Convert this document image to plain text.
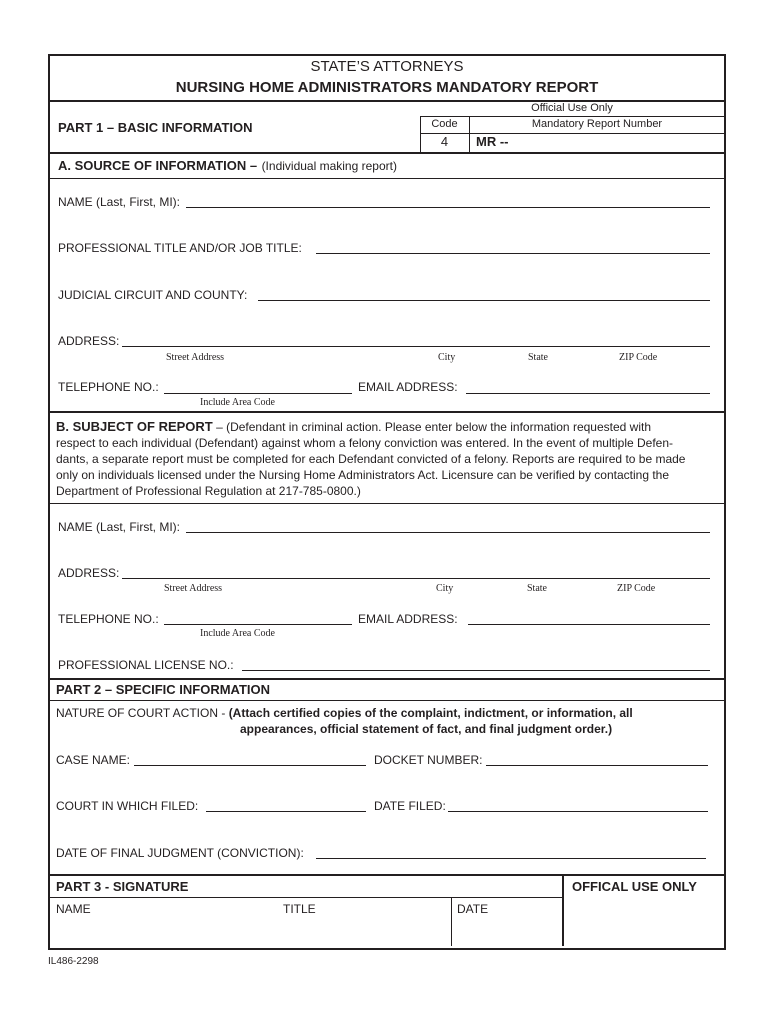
STATE’S ATTORNEYS
NURSING HOME ADMINISTRATORS MANDATORY REPORT
PART 1 – BASIC INFORMATION
Official Use Only
Code	Mandatory Report Number
4	MR --
A. SOURCE OF INFORMATION – (Individual making report)
NAME (Last, First, MI):
PROFESSIONAL TITLE AND/OR JOB TITLE:
JUDICIAL CIRCUIT AND COUNTY:
ADDRESS:
Street Address	City	State	ZIP Code
TELEPHONE NO.:
Include Area Code
EMAIL ADDRESS:
B. SUBJECT OF REPORT – (Defendant in criminal action. Please enter below the information requested with
respect to each individual (Defendant) against whom a felony conviction was entered. In the event of multiple Defen-
dants, a separate report must be completed for each Defendant convicted of a felony. Reports are required to be made
only on individuals licensed under the Nursing Home Administrators Act. Licensure can be verified by contacting the
Department of Professional Regulation at 217-785-0800.)
NAME (Last, First, MI):
ADDRESS:
Street Address	City	State	ZIP Code
TELEPHONE NO.:
Include Area Code
EMAIL ADDRESS:
PROFESSIONAL LICENSE NO.:
PART 2 – SPECIFIC INFORMATION
NATURE OF COURT ACTION - (Attach certified copies of the complaint, indictment, or information, all
appearances, official statement of fact, and final judgment order.)
CASE NAME:	DOCKET NUMBER:
COURT IN WHICH FILED:	DATE FILED:
DATE OF FINAL JUDGMENT (CONVICTION):
PART 3 - SIGNATURE	OFFICAL USE ONLY
NAME	TITLE	DATE
IL486-2298
